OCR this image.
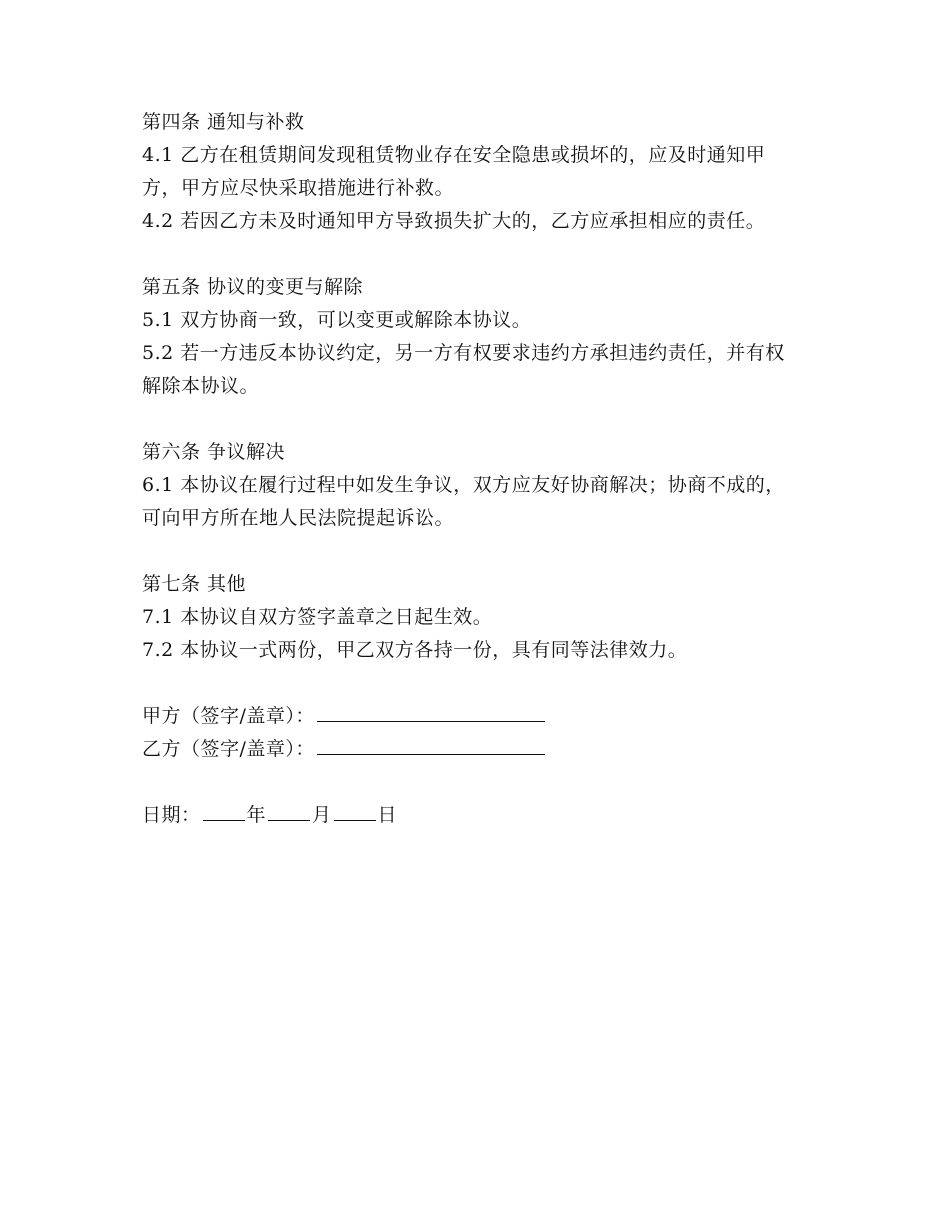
第四条 通知与补救

4.1 乙方在租赁期间发现租赁物业存在安全隐患或损坏的，应及时通知甲方，甲方应尽快采取措施进行补救。

4.2 若因乙方未及时通知甲方导致损失扩大的，乙方应承担相应的责任。

第五条 协议的变更与解除

5.1 双方协商一致，可以变更或解除本协议。

5.2 若一方违反本协议约定，另一方有权要求违约方承担违约责任，并有权解除本协议。

第六条 争议解决

6.1 本协议在履行过程中如发生争议，双方应友好协商解决；协商不成的，可向甲方所在地人民法院提起诉讼。

第七条 其他

7.1 本协议自双方签字盖章之日起生效。

7.2 本协议一式两份，甲乙双方各持一份，具有同等法律效力。

甲方（签字/盖章）：

乙方（签字/盖章）：

日期： 年 月 日
